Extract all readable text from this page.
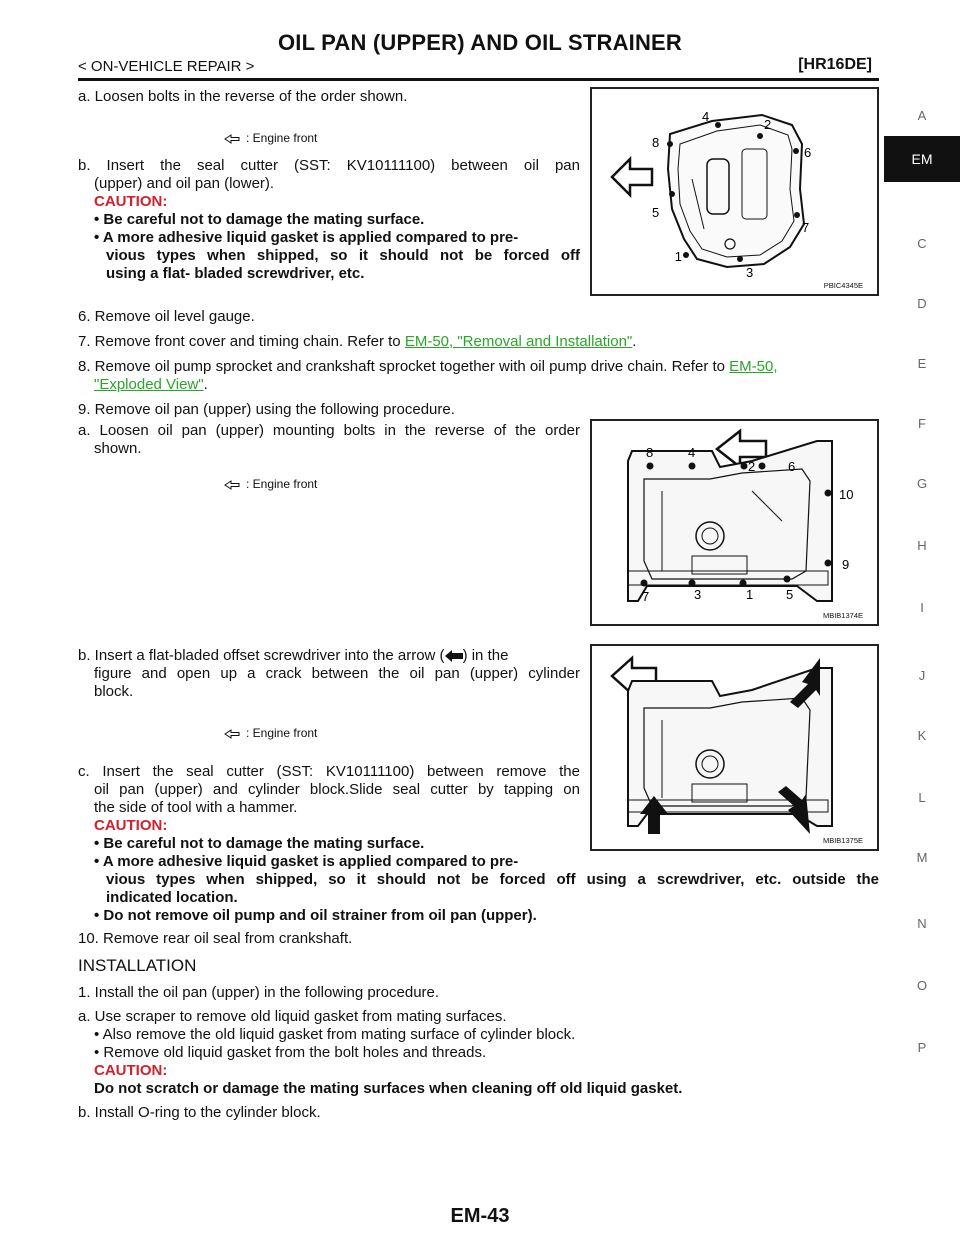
OIL PAN (UPPER) AND OIL STRAINER
< ON-VEHICLE REPAIR >	[HR16DE]
a. Loosen bolts in the reverse of the order shown.
b. Insert the seal cutter (SST: KV10111100) between oil pan
(upper) and oil pan (lower).
CAUTION:
• Be careful not to damage the mating surface.
• A more adhesive liquid gasket is applied compared to pre-
vious types when shipped, so it should not be forced off
using a flat- bladed screwdriver, etc.
6. Remove oil level gauge.
7. Remove front cover and timing chain. Refer to EM-50, "Removal and Installation".
8. Remove oil pump sprocket and crankshaft sprocket together with oil pump drive chain. Refer to EM-50,
"Exploded View".
9. Remove oil pan (upper) using the following procedure.
a. Loosen oil pan (upper) mounting bolts in the reverse of the order
shown.
b. Insert a flat-bladed offset screwdriver into the arrow ( ) in the
figure and open up a crack between the oil pan (upper) cylinder
block.
c. Insert the seal cutter (SST: KV10111100) between remove the
oil pan (upper) and cylinder block.Slide seal cutter by tapping on
the side of tool with a hammer.
CAUTION:
• Be careful not to damage the mating surface.
• A more adhesive liquid gasket is applied compared to pre-
vious types when shipped, so it should not be forced off using a screwdriver, etc. outside the
indicated location.
• Do not remove oil pump and oil strainer from oil pan (upper).
10. Remove rear oil seal from crankshaft.
INSTALLATION
1. Install the oil pan (upper) in the following procedure.
a. Use scraper to remove old liquid gasket from mating surfaces.
• Also remove the old liquid gasket from mating surface of cylinder block.
• Remove old liquid gasket from the bolt holes and threads.
CAUTION:
Do not scratch or damage the mating surfaces when cleaning off old liquid gasket.
b. Install O-ring to the cylinder block.
: Engine front
: Engine front
: Engine front
1
2
3
4
5
6
7
8
PBIC4345E
1
2
3
4
5
6
7
8
9
10
MBIB1374E
MBIB1375E
A
EM
C
D
E
F
G
H
I
J
K
L
M
N
O
P
EM-43
